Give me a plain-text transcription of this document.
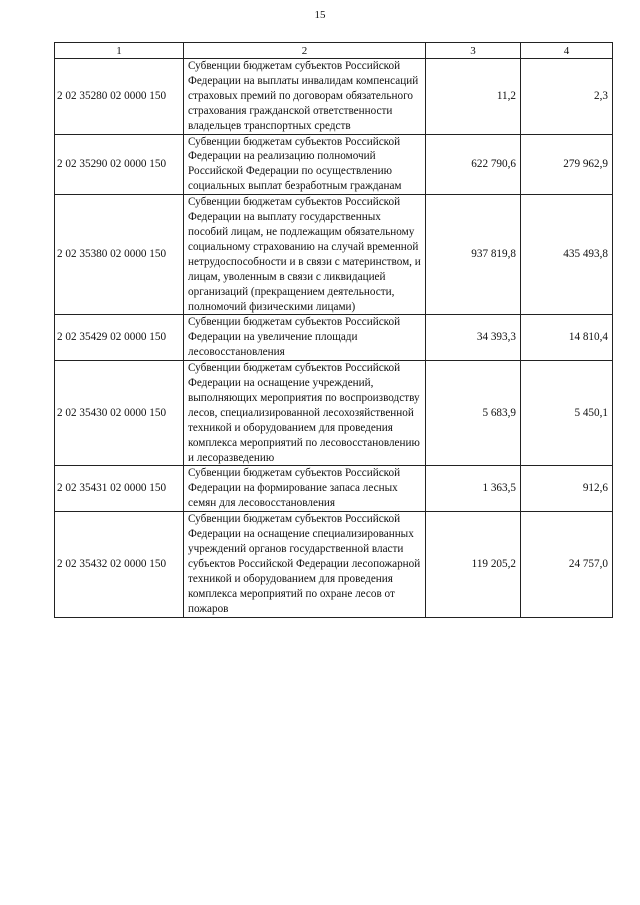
15
1	2	3	4
2 02 35280 02 0000 150	Субвенции бюджетам субъектов Российской Федерации на выплаты инвалидам компенсаций страховых премий по договорам обязательного страхования гражданской ответственности владельцев транспортных средств	11,2	2,3
2 02 35290 02 0000 150	Субвенции бюджетам субъектов Российской Федерации на реализацию полномочий Российской Федерации по осуществлению социальных выплат безработным гражданам	622 790,6	279 962,9
2 02 35380 02 0000 150	Субвенции бюджетам субъектов Российской Федерации на выплату государственных пособий лицам, не подлежащим обязательному социальному страхованию на случай временной нетрудоспособности и в связи с материнством, и лицам, уволенным в связи с ликвидацией организаций (прекращением деятельности, полномочий физическими лицами)	937 819,8	435 493,8
2 02 35429 02 0000 150	Субвенции бюджетам субъектов Российской Федерации на увеличение площади лесовосстановления	34 393,3	14 810,4
2 02 35430 02 0000 150	Субвенции бюджетам субъектов Российской Федерации на оснащение учреждений, выполняющих мероприятия по воспроизводству лесов, специализированной лесохозяйственной техникой и оборудованием для проведения комплекса мероприятий по лесовосстановлению и лесоразведению	5 683,9	5 450,1
2 02 35431 02 0000 150	Субвенции бюджетам субъектов Российской Федерации на формирование запаса лесных семян для лесовосстановления	1 363,5	912,6
2 02 35432 02 0000 150	Субвенции бюджетам субъектов Российской Федерации на оснащение специализированных учреждений органов государственной власти субъектов Российской Федерации лесопожарной техникой и оборудованием для проведения комплекса мероприятий по охране лесов от пожаров	119 205,2	24 757,0
